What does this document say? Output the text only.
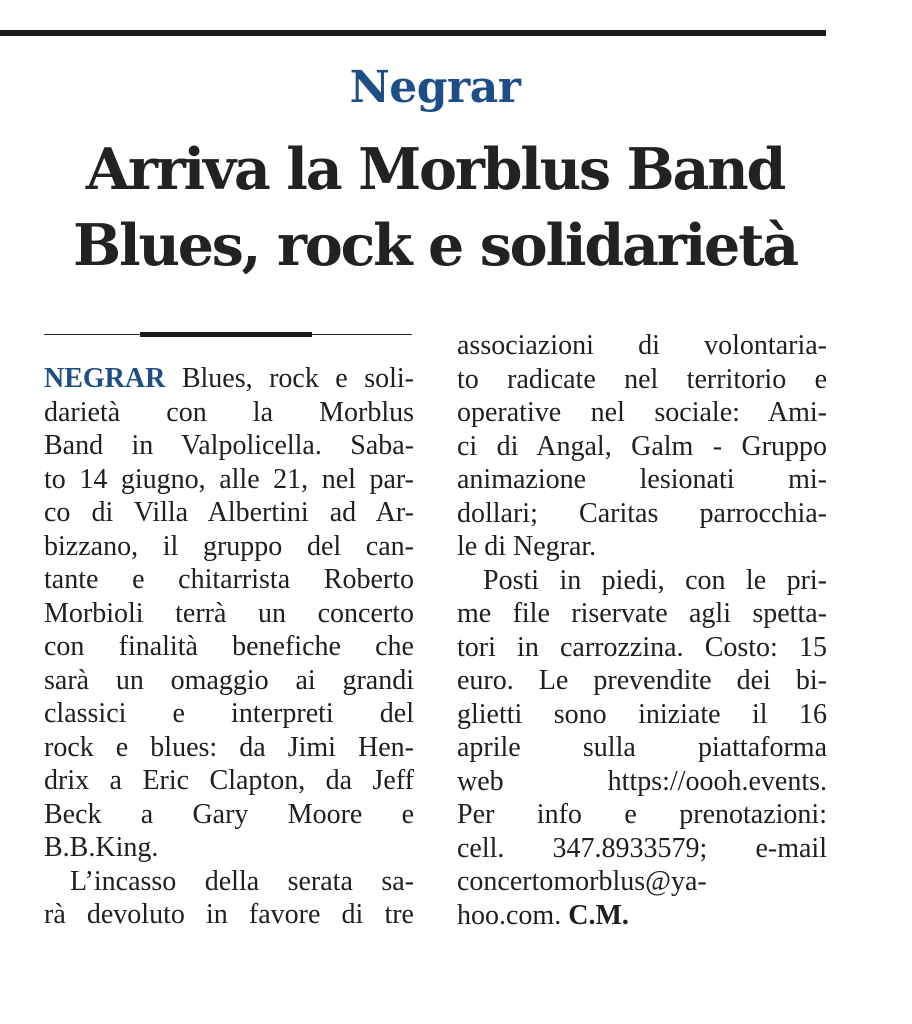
Negrar
Arriva la Morblus Band
Blues, rock e solidarietà
NEGRAR Blues, rock e soli-
darietà con la Morblus
Band in Valpolicella. Saba-
to 14 giugno, alle 21, nel par-
co di Villa Albertini ad Ar-
bizzano, il gruppo del can-
tante e chitarrista Roberto
Morbioli terrà un concerto
con finalità benefiche che
sarà un omaggio ai grandi
classici e interpreti del
rock e blues: da Jimi Hen-
drix a Eric Clapton, da Jeff
Beck a Gary Moore e
B.B.King.
L’incasso della serata sa-
rà devoluto in favore di tre
associazioni di volontaria-
to radicate nel territorio e
operative nel sociale: Ami-
ci di Angal, Galm - Gruppo
animazione lesionati mi-
dollari; Caritas parrocchia-
le di Negrar.
Posti in piedi, con le pri-
me file riservate agli spetta-
tori in carrozzina. Costo: 15
euro. Le prevendite dei bi-
glietti sono iniziate il 16
aprile sulla piattaforma
web https://oooh.events.
Per info e prenotazioni:
cell. 347.8933579; e-mail
concertomorblus@ya-
hoo.com. C.M.
